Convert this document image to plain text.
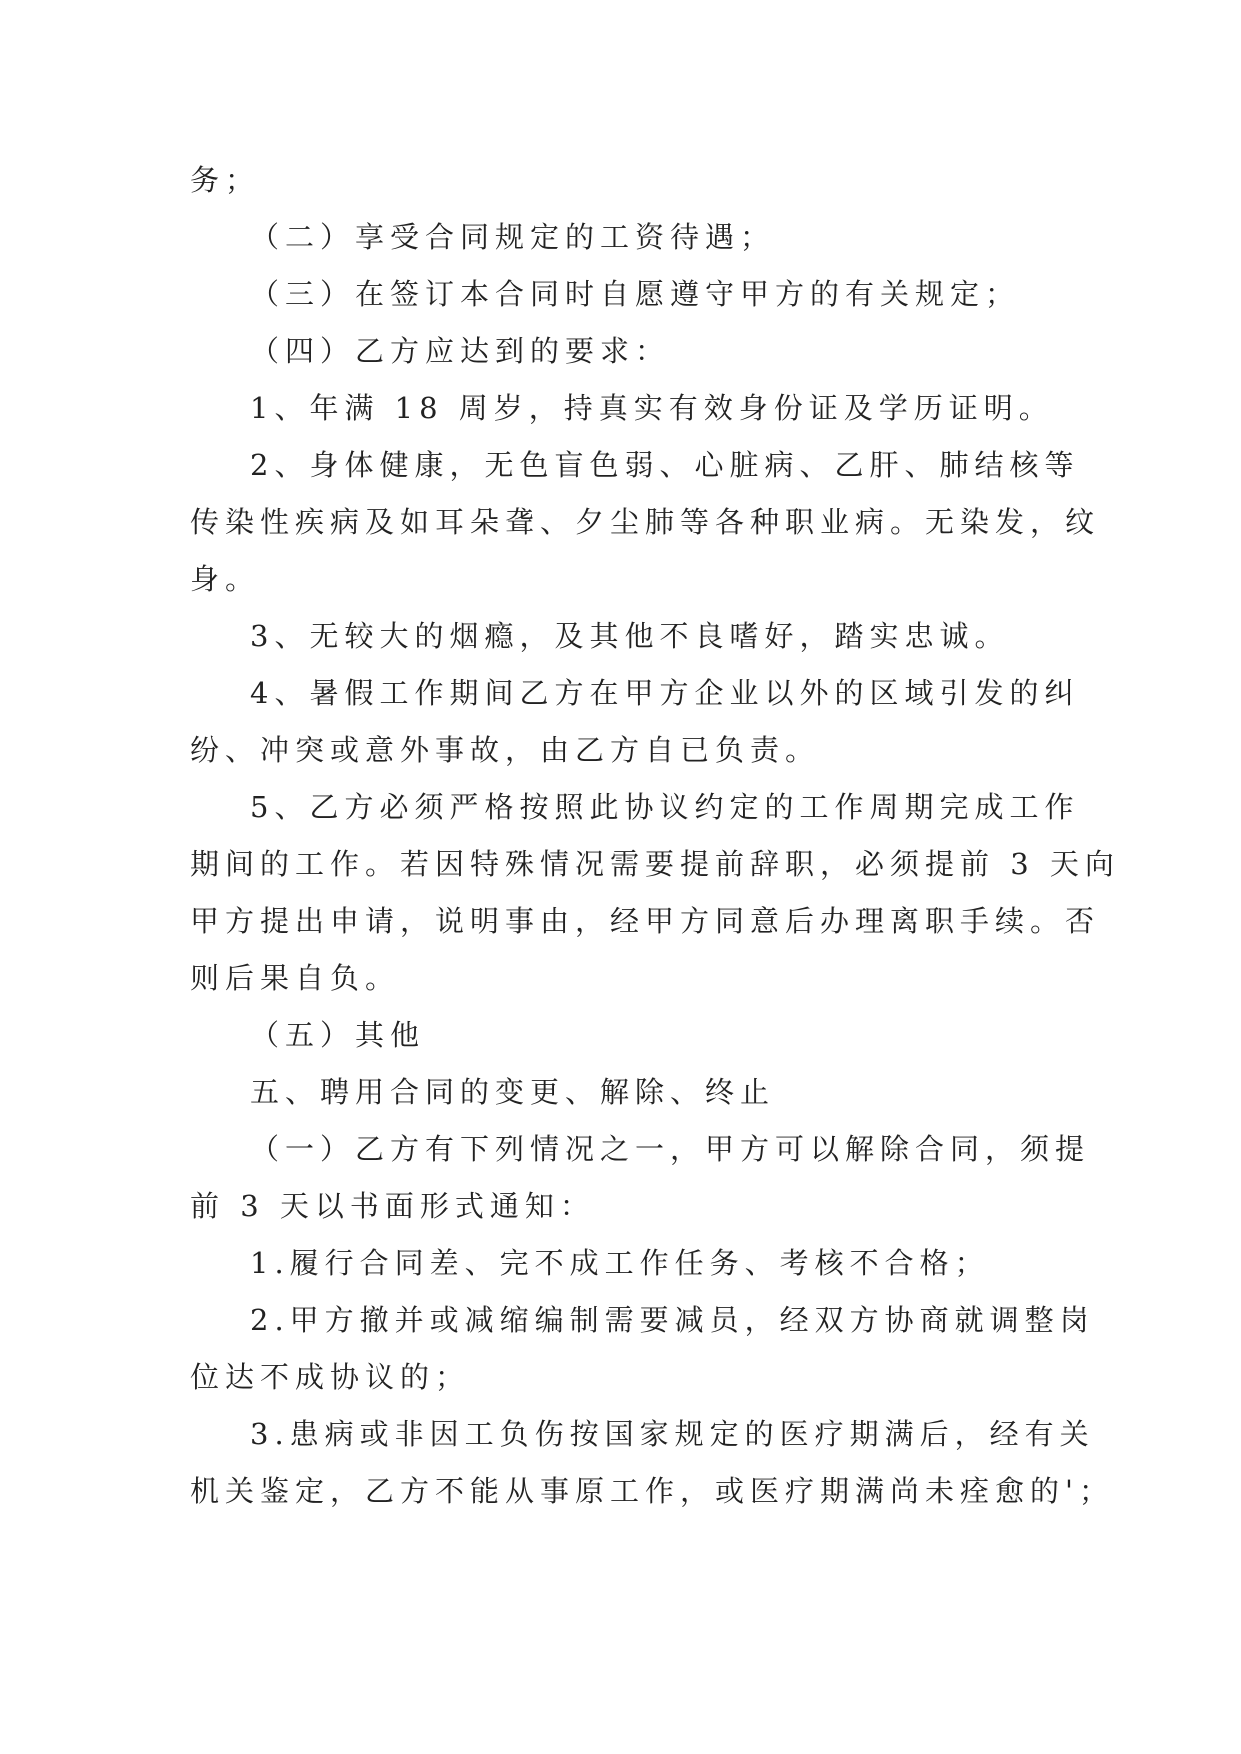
务；
（二）享受合同规定的工资待遇；
（三）在签订本合同时自愿遵守甲方的有关规定；
（四）乙方应达到的要求：
1、年满 18 周岁，持真实有效身份证及学历证明。
2、身体健康，无色盲色弱、心脏病、乙肝、肺结核等
传染性疾病及如耳朵聋、夕尘肺等各种职业病。无染发，纹
身。
3、无较大的烟瘾，及其他不良嗜好，踏实忠诚。
4、暑假工作期间乙方在甲方企业以外的区域引发的纠
纷、冲突或意外事故，由乙方自已负责。
5、乙方必须严格按照此协议约定的工作周期完成工作
期间的工作。若因特殊情况需要提前辞职，必须提前 3 天向
甲方提出申请，说明事由，经甲方同意后办理离职手续。否
则后果自负。
（五）其他
五、聘用合同的变更、解除、终止
（一）乙方有下列情况之一，甲方可以解除合同，须提
前 3 天以书面形式通知：
1.履行合同差、完不成工作任务、考核不合格；
2.甲方撤并或减缩编制需要减员，经双方协商就调整岗
位达不成协议的；
3.患病或非因工负伤按国家规定的医疗期满后，经有关
机关鉴定，乙方不能从事原工作，或医疗期满尚未痊愈的'；
